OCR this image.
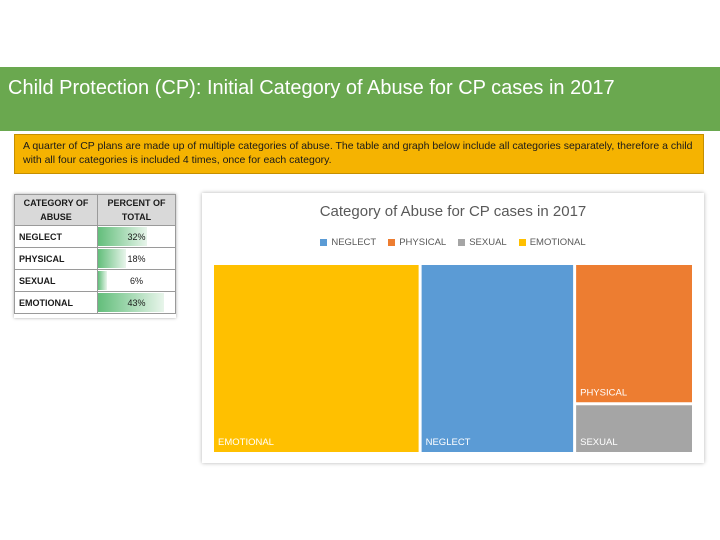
Child Protection (CP): Initial Category of Abuse for CP cases in 2017
A quarter of CP plans are made up of multiple categories of abuse. The table and graph below include all categories separately, therefore a child with all four categories is included 4 times, once for each category.
CATEGORY OF ABUSE	PERCENT OF TOTAL
NEGLECT	32%

PHYSICAL	18%

SEXUAL	6%

EMOTIONAL	43%
Category of Abuse for CP cases in 2017
NEGLECT PHYSICAL SEXUAL EMOTIONAL
EMOTIONAL	NEGLECT
PHYSICAL
SEXUAL
